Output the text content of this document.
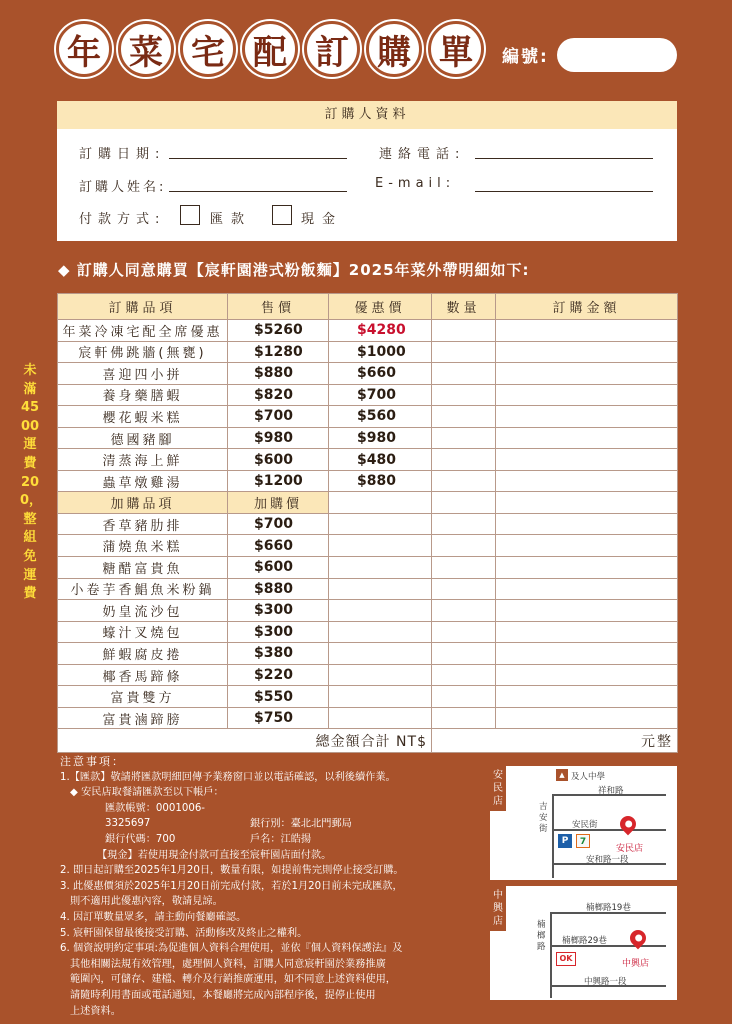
年 菜 宅 配 訂 購 單	編號:
訂購人資料
訂購日期:	連絡電話:
訂購人姓名:	E-mail:
付款方式:	匯款	現金
◆ 訂購人同意購買【宸軒園港式粉飯麵】2025年菜外帶明細如下:
未滿4500運費200，整組免運費
訂購品項	售價	優惠價	數量	訂購金額
年菜冷凍宅配全席優惠	$5260	$4280		
宸軒佛跳牆(無甕)	$1280	$1000		
喜迎四小拼	$880	$660		
養身藥膳蝦	$820	$700		
櫻花蝦米糕	$700	$560		
德國豬腳	$980	$980		
清蒸海上鮮	$600	$480		
蟲草燉雞湯	$1200	$880		
加購品項	加購價			
香草豬肋排	$700			
蒲燒魚米糕	$660			
糖醋富貴魚	$600			
小卷芋香鯧魚米粉鍋	$880			
奶皇流沙包	$300			
蠔汁叉燒包	$300			
鮮蝦腐皮捲	$380			
椰香馬蹄條	$220			
富貴雙方	$550			
富貴滷蹄膀	$750			
總金額合計 NT$			元整	
注意事項：
1.【匯款】敬請將匯款明細回傳予業務窗口並以電話確認，以利後續作業。
◆ 安民店取餐請匯款至以下帳戶：
匯款帳號：0001006-3325697	銀行別：臺北北門郵局
銀行代碼：700	戶名：江皓揚
【現金】若使用現金付款可直接至宸軒園店面付款。
2. 即日起訂購至2025年1月20日，數量有限，如提前售完則停止接受訂購。
3. 此優惠價須於2025年1月20日前完成付款，若於1月20日前未完成匯款，
則不適用此優惠內容，敬請見諒。
4. 因訂單數量眾多，請主動向餐廳確認。
5. 宸軒園保留最後接受訂購、活動修改及終止之權利。
6. 個資說明約定事項:為促進個人資料合理使用，並依『個人資料保護法』及
其他相關法規有效管理，處理個人資料，訂購人同意宸軒園於業務推廣
範圍內，可儲存、建檔、轉介及行銷推廣運用，如不同意上述資料使用，
請隨時利用書面或電話通知，本餐廳將完成內部程序後，提停止使用
上述資料。
安民店
▲ 及人中學
祥和路
吉安街	安民街
P	7
安民店
安和路一段
中興店
楠榔路19巷
楠榔路
楠榔路29巷
OK
中興店
中興路一段
